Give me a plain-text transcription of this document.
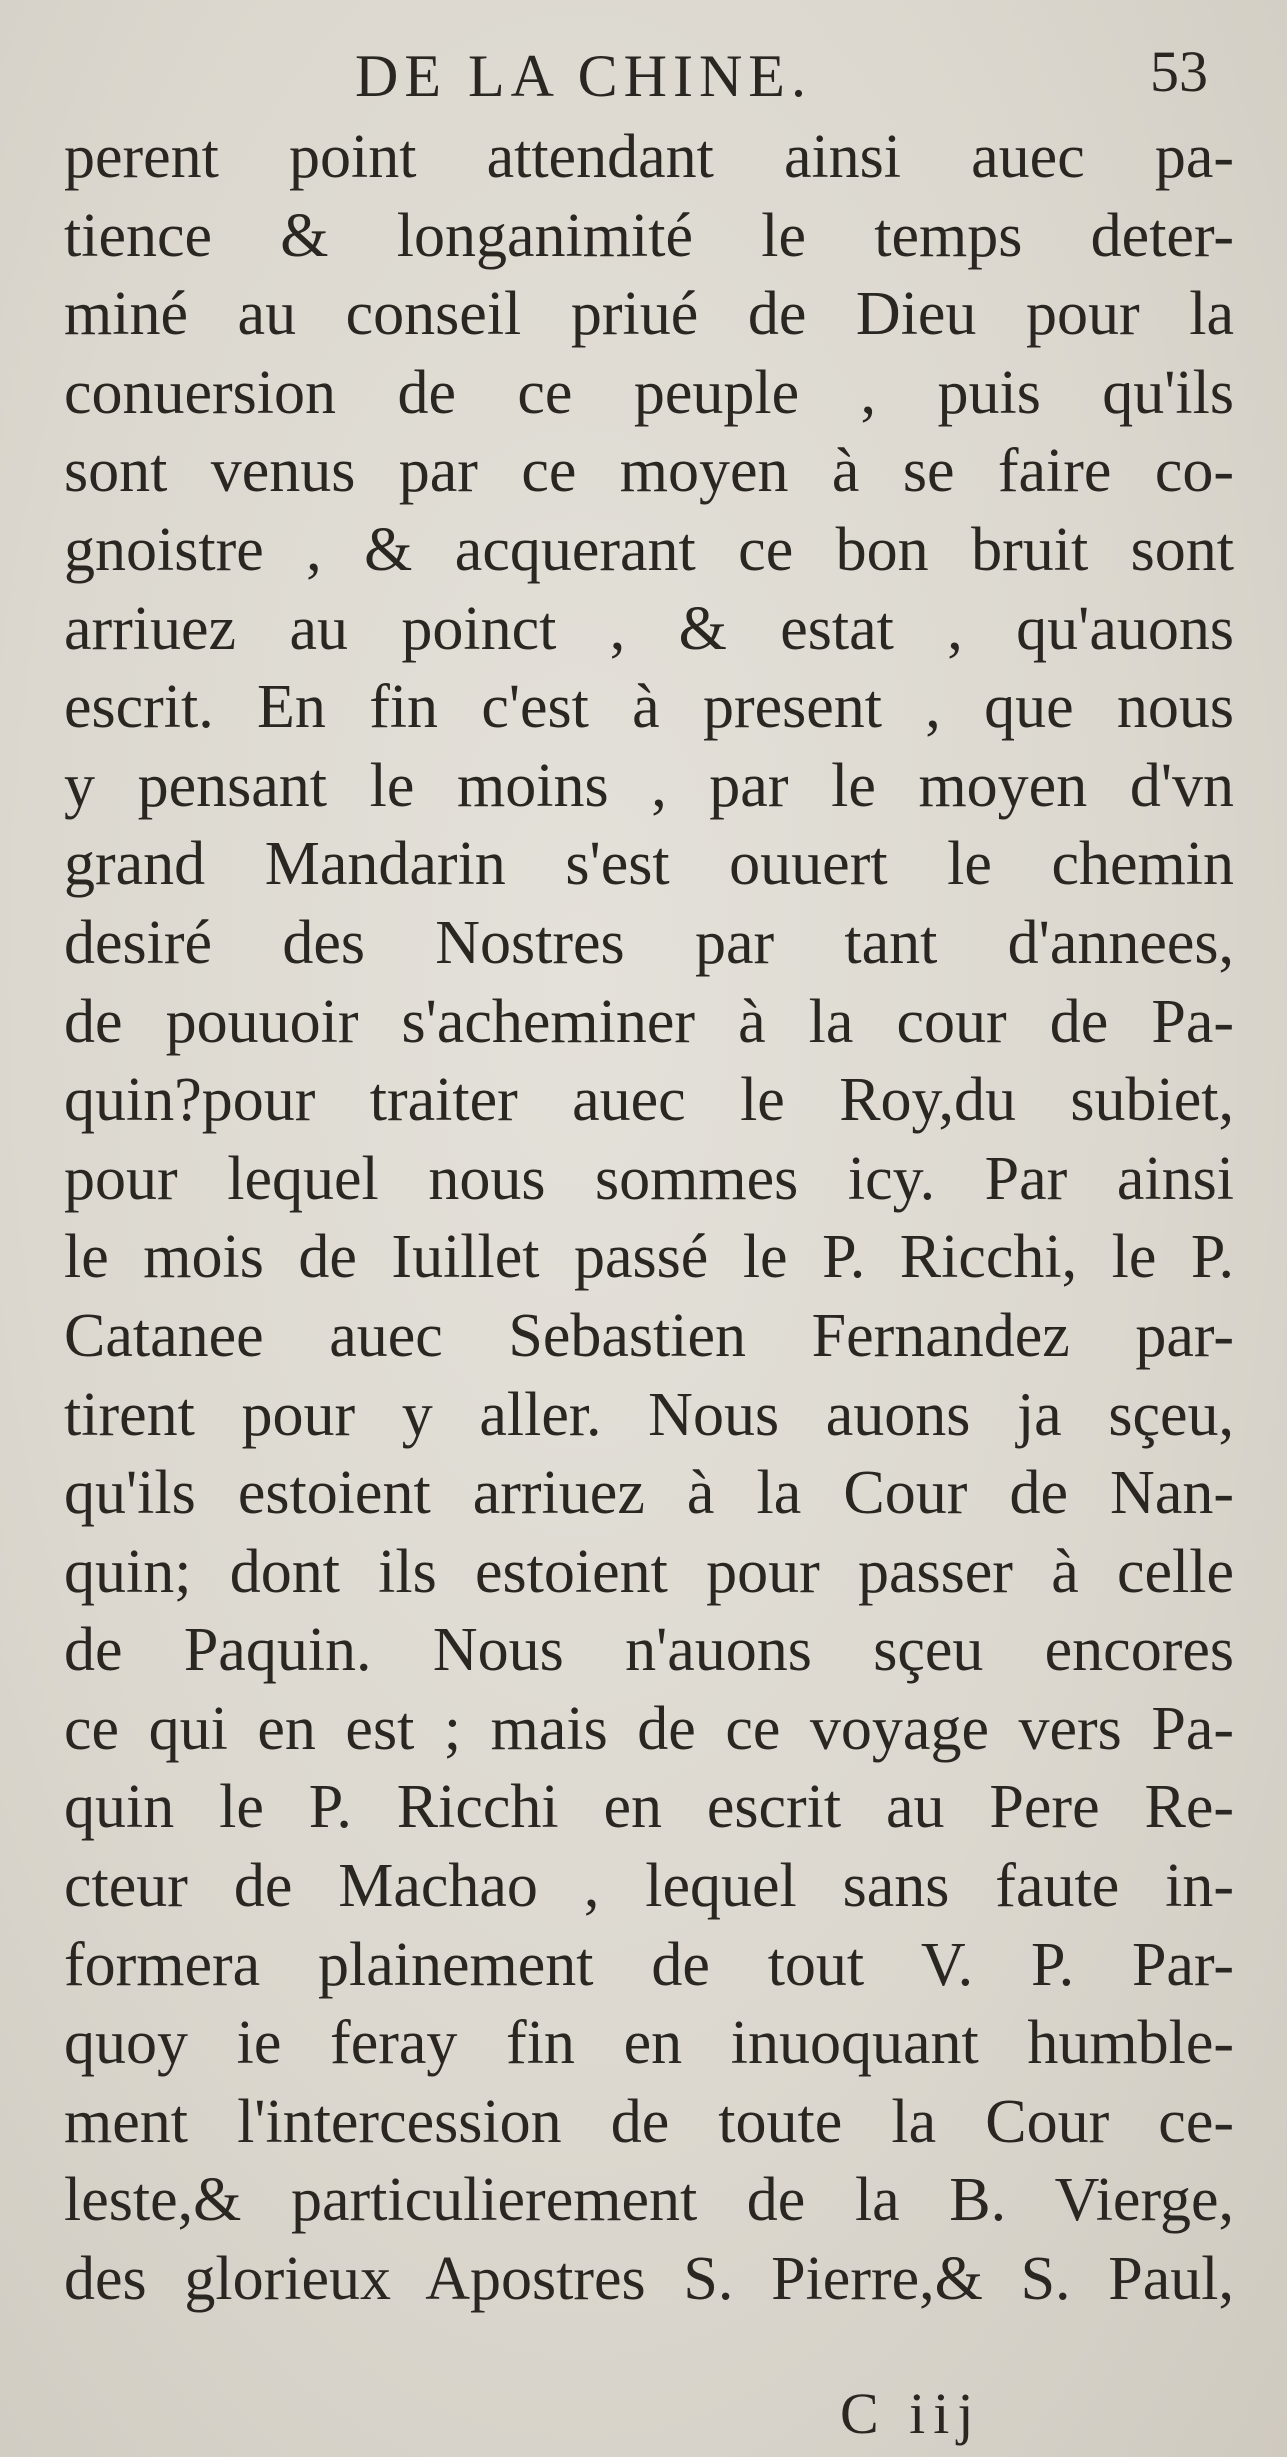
DE LA CHINE.	53
perent point attendant ainsi auec pa-
tience & longanimité le temps deter-
miné au conseil priué de Dieu pour la
conuersion de ce peuple , puis qu'ils
sont venus par ce moyen à se faire co-
gnoistre , & acquerant ce bon bruit sont
arriuez au poinct , & estat , qu'auons
escrit. En fin c'est à present , que nous
y pensant le moins , par le moyen d'vn
grand Mandarin s'est ouuert le chemin
desiré des Nostres par tant d'annees,
de pouuoir s'acheminer à la cour de Pa-
quin?pour traiter auec le Roy,du subiet,
pour lequel nous sommes icy. Par ainsi
le mois de Iuillet passé le P. Ricchi, le P.
Catanee auec Sebastien Fernandez par-
tirent pour y aller. Nous auons ja sçeu,
qu'ils estoient arriuez à la Cour de Nan-
quin; dont ils estoient pour passer à celle
de Paquin. Nous n'auons sçeu encores
ce qui en est ; mais de ce voyage vers Pa-
quin le P. Ricchi en escrit au Pere Re-
cteur de Machao , lequel sans faute in-
formera plainement de tout V. P. Par-
quoy ie feray fin en inuoquant humble-
ment l'intercession de toute la Cour ce-
leste,& particulierement de la B. Vierge,
des glorieux Apostres S. Pierre,& S. Paul,
C iij
